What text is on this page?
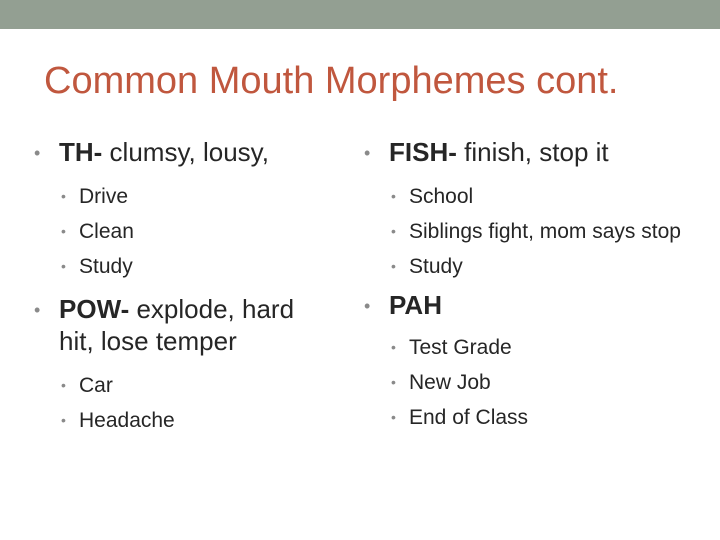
Common Mouth Morphemes cont.
• TH- clumsy, lousy,
• Drive
• Clean
• Study
• POW- explode, hard hit, lose temper
• Car
• Headache
• FISH- finish, stop it
• School
• Siblings fight, mom says stop
• Study
• PAH
• Test Grade
• New Job
• End of Class
